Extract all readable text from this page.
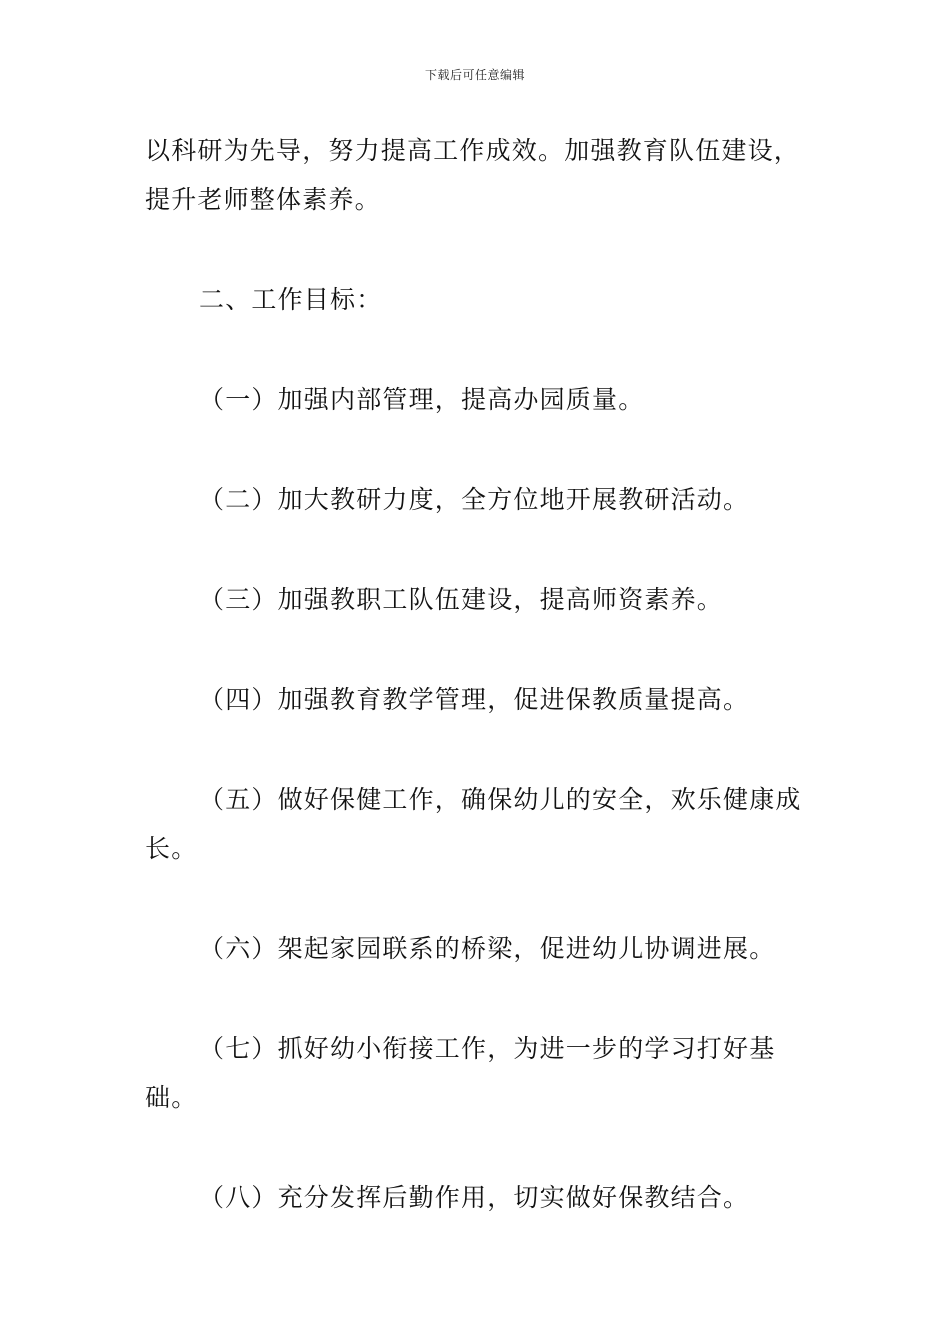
下载后可任意编辑

以科研为先导，努力提高工作成效。加强教育队伍建设，提升老师整体素养。

二、工作目标：

（一）加强内部管理，提高办园质量。

（二）加大教研力度，全方位地开展教研活动。

（三）加强教职工队伍建设，提高师资素养。

（四）加强教育教学管理，促进保教质量提高。

（五）做好保健工作，确保幼儿的安全，欢乐健康成长。

（六）架起家园联系的桥梁，促进幼儿协调进展。

（七）抓好幼小衔接工作，为进一步的学习打好基础。

（八）充分发挥后勤作用，切实做好保教结合。
